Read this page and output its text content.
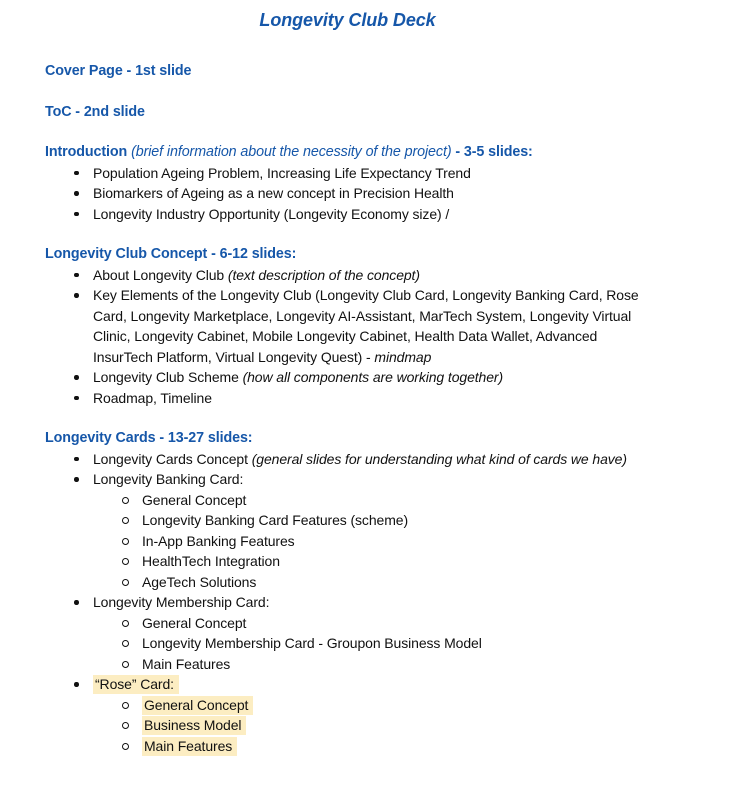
Longevity Club Deck

Cover Page - 1st slide

ToC - 2nd slide

Introduction (brief information about the necessity of the project) - 3-5 slides:

Population Ageing Problem, Increasing Life Expectancy Trend
Biomarkers of Ageing as a new concept in Precision Health
Longevity Industry Opportunity (Longevity Economy size) /

Longevity Club Concept - 6-12 slides:

About Longevity Club (text description of the concept)
Key Elements of the Longevity Club (Longevity Club Card, Longevity Banking Card, Rose Card, Longevity Marketplace, Longevity AI-Assistant, MarTech System, Longevity Virtual Clinic, Longevity Cabinet, Mobile Longevity Cabinet, Health Data Wallet, Advanced InsurTech Platform, Virtual Longevity Quest) - mindmap
Longevity Club Scheme (how all components are working together)
Roadmap, Timeline

Longevity Cards - 13-27 slides:

Longevity Cards Concept (general slides for understanding what kind of cards we have)
Longevity Banking Card:
General Concept
Longevity Banking Card Features (scheme)
In-App Banking Features
HealthTech Integration
AgeTech Solutions
Longevity Membership Card:
General Concept
Longevity Membership Card - Groupon Business Model
Main Features
“Rose” Card:
General Concept
Business Model
Main Features
